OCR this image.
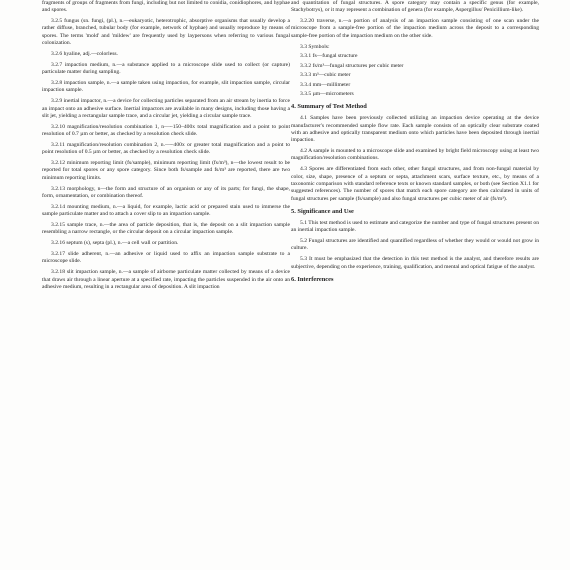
fragments of groups of fragments from fungi, including but not limited to conidia, conidiophores, and hyphae and spores.

3.2.5 fungus (sn. fungi, (pl.), n.—eukaryotic, heterotrophic, absorptive organisms that usually develop a rather diffuse, branched, tubular body (for example, network of hyphae) and usually reproduce by means of spores. The terms 'mold' and 'mildew' are frequently used by laypersons when referring to various fungal colonization.

3.2.6 hyaline, adj.—colorless.

3.2.7 impaction medium, n.—a substance applied to a microscope slide used to collect (or capture) particulate matter during sampling.

3.2.8 impaction sample, n.—a sample taken using impaction, for example, slit impaction sample, circular impaction sample.

3.2.9 inertial impactor, n.—a device for collecting particles separated from an air stream by inertia to force an impact onto an adhesive surface. Inertial impactors are available in many designs, including those having a slit jet, yielding a rectangular sample trace, and a circular jet, yielding a circular sample trace.

3.2.10 magnification/resolution combination 1, n—~150–400x total magnification and a point to point resolution of 0.7 µm or better, as checked by a resolution check slide.

3.2.11 magnification/resolution combination 2, n.—~400x or greater total magnification and a point to point resolution of 0.5 µm or better, as checked by a resolution check slide.

3.2.12 minimum reporting limit (fs/sample), minimum reporting limit (fs/m³), n—the lowest result to be reported for total spores or any spore category. Since both fs/sample and fs/m³ are reported, there are two minimum reporting limits.

3.2.13 morphology, n—the form and structure of an organism or any of its parts; for fungi, the shape, form, ornamentation, or combination thereof.

3.2.14 mounting medium, n.—a liquid, for example, lactic acid or prepared stain used to immerse the sample particulate matter and to attach a cover slip to an impaction sample.

3.2.15 sample trace, n.—the area of particle deposition, that is, the deposit on a slit impaction sample resembling a narrow rectangle, or the circular deposit on a circular impaction sample.

3.2.16 septum (s), septa (pl.), n.—a cell wall or partition.

3.2.17 slide adherent, n.—an adhesive or liquid used to affix an impaction sample substrate to a microscope slide.

3.2.18 slit impaction sample, n.—a sample of airborne particulate matter collected by means of a device that draws air through a linear aperture at a specified rate, impacting the particles suspended in the air onto an adhesive medium, resulting in a rectangular area of deposition. A slit impaction

and quantitation of fungal structures. A spore category may contain a specific genus (for example, Stachybotrys), or it may represent a combination of genera (for example, Aspergillus/ Penicillium-like).

3.2.20 traverse, n.—a portion of analysis of an impaction sample consisting of one scan under the microscope from a sample-free portion of the impaction medium across the deposit to a corresponding sample-free portion of the impaction medium on the other side.

3.3 Symbols:

3.3.1 fs—fungal structure

3.3.2 fs/m³—fungal structures per cubic meter

3.3.3 m³—cubic meter

3.3.4 mm—millimeter

3.3.5 µm—micrometers

4. Summary of Test Method

4.1 Samples have been previously collected utilizing an impaction device operating at the device manufacturer's recommended sample flow rate. Each sample consists of an optically clear substrate coated with an adhesive and optically transparent medium onto which particles have been deposited through inertial impaction.

4.2 A sample is mounted to a microscope slide and examined by bright field microscopy using at least two magnification/resolution combinations.

4.3 Spores are differentiated from each other, other fungal structures, and from non-fungal material by color, size, shape, presence of a septum or septa, attachment scars, surface texture, etc., by means of a taxonomic comparison with standard reference texts or known standard samples, or both (see Section X1.1 for suggested references). The number of spores that match each spore category are then calculated in units of fungal structures per sample (fs/sample) and also fungal structures per cubic meter of air (fs/m³).

5. Significance and Use

5.1 This test method is used to estimate and categorize the number and type of fungal structures present on an inertial impaction sample.

5.2 Fungal structures are identified and quantified regardless of whether they would or would not grow in culture.

5.3 It must be emphasized that the detection in this test method is the analyst, and therefore results are subjective, depending on the experience, training, qualification, and mental and optical fatigue of the analyst.

6. Interferences
